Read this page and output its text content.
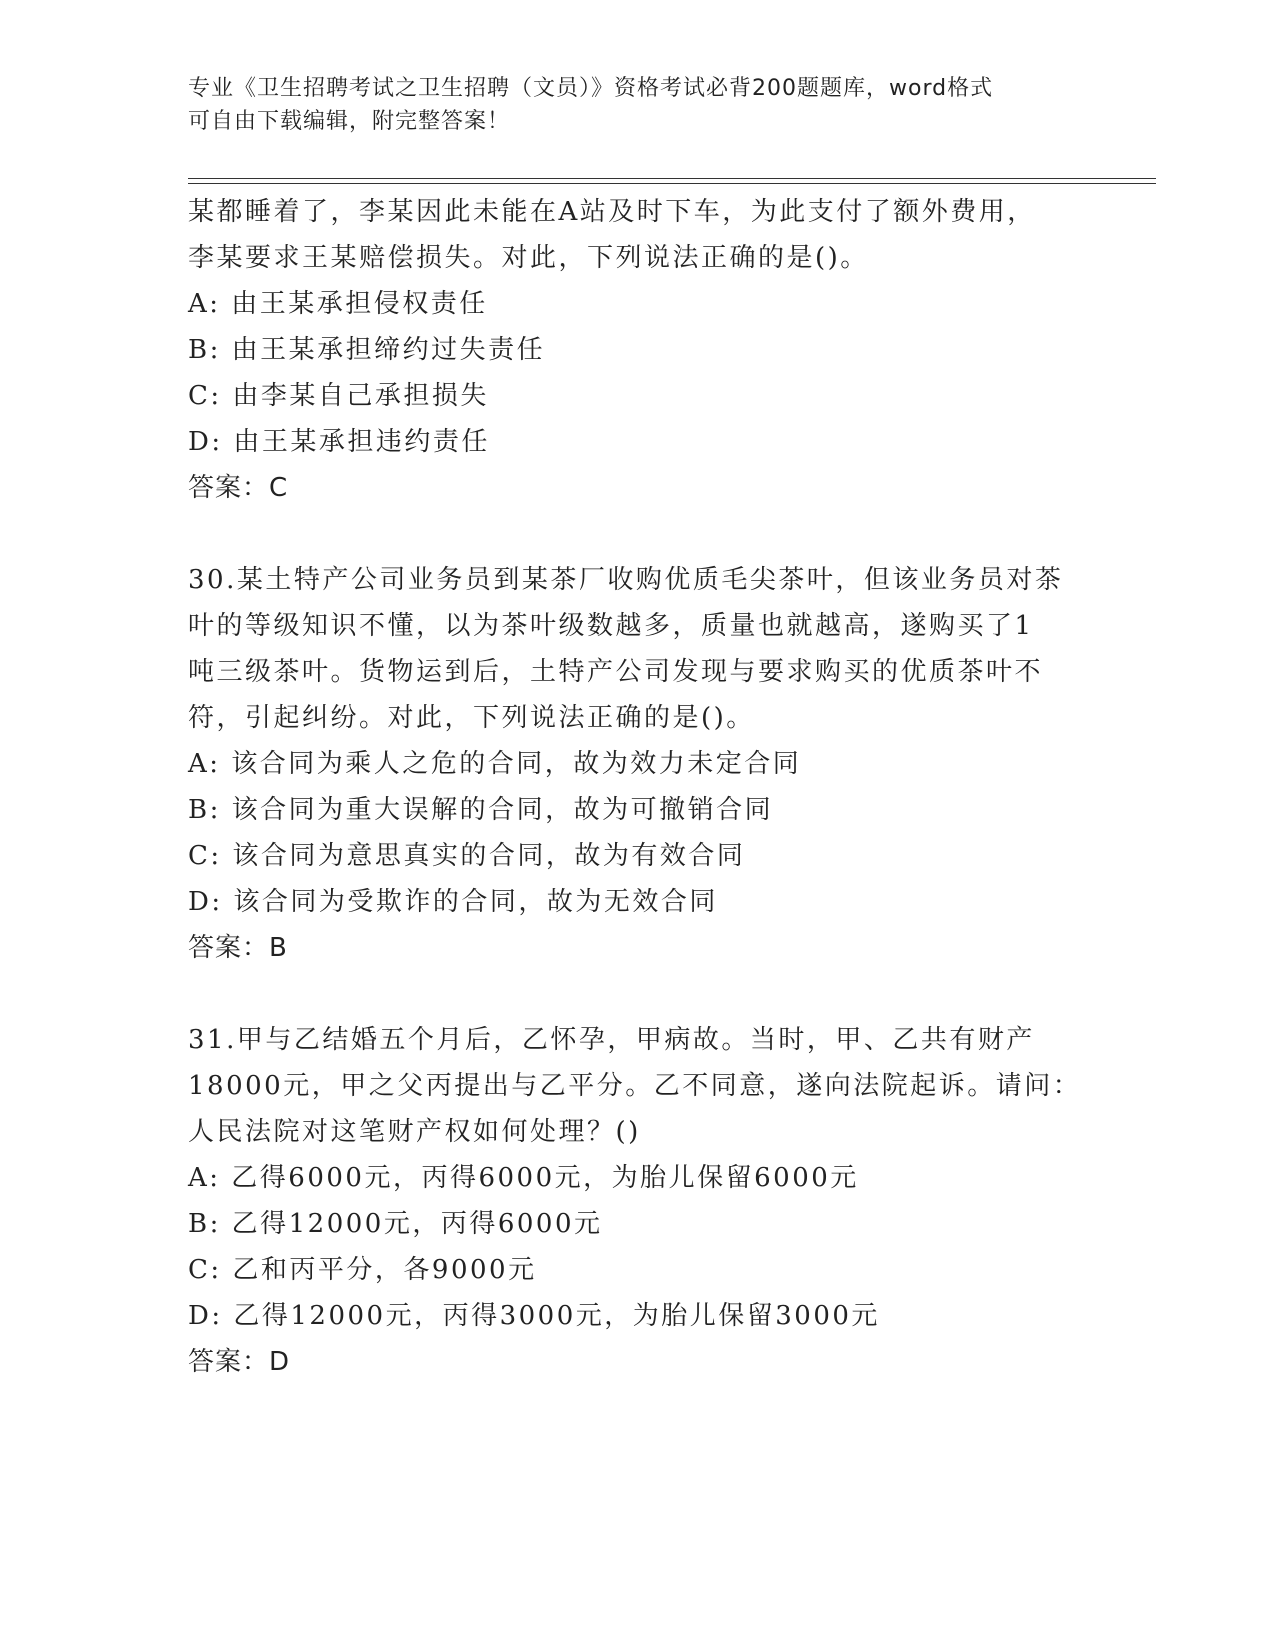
专业《卫生招聘考试之卫生招聘（文员）》资格考试必背200题题库，word格式
可自由下载编辑，附完整答案！
某都睡着了，李某因此未能在A站及时下车，为此支付了额外费用，
李某要求王某赔偿损失。对此，下列说法正确的是()。
A: 由王某承担侵权责任
B: 由王某承担缔约过失责任
C: 由李某自己承担损失
D: 由王某承担违约责任
答案：C
30.某土特产公司业务员到某茶厂收购优质毛尖茶叶，但该业务员对茶
叶的等级知识不懂，以为茶叶级数越多，质量也就越高，遂购买了1
吨三级茶叶。货物运到后，土特产公司发现与要求购买的优质茶叶不
符，引起纠纷。对此，下列说法正确的是()。
A: 该合同为乘人之危的合同，故为效力未定合同
B: 该合同为重大误解的合同，故为可撤销合同
C: 该合同为意思真实的合同，故为有效合同
D: 该合同为受欺诈的合同，故为无效合同
答案：B
31.甲与乙结婚五个月后，乙怀孕，甲病故。当时，甲、乙共有财产
18000元，甲之父丙提出与乙平分。乙不同意，遂向法院起诉。请问：
人民法院对这笔财产权如何处理？()
A: 乙得6000元，丙得6000元，为胎儿保留6000元
B: 乙得12000元，丙得6000元
C: 乙和丙平分，各9000元
D: 乙得12000元，丙得3000元，为胎儿保留3000元
答案：D
